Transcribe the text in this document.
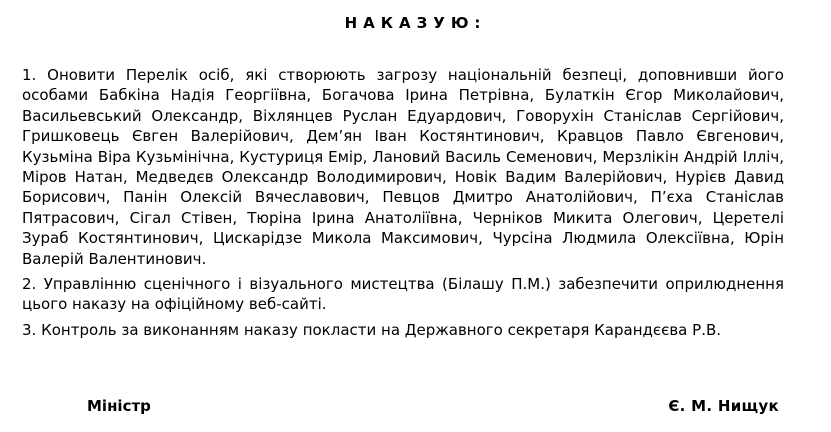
НАКАЗУЮ:

1. Оновити Перелік осіб, які створюють загрозу національній безпеці, доповнивши його особами Бабкіна Надія Георгіївна, Богачова Ірина Петрівна, Булаткін Єгор Миколайович, Васильевський Олександр, Віхлянцев Руслан Едуардович, Говорухін Станіслав Сергійович, Гришковець Євген Валерійович, Дем’ян Іван Костянтинович, Кравцов Павло Євгенович, Кузьміна Віра Кузьмінічна, Кустуриця Емір, Лановий Василь Семенович, Мерзлікін Андрій Ілліч, Міров Натан, Медведєв Олександр Володимирович, Новік Вадим Валерійович, Нурієв Давид Борисович, Панін Олексій Вячеславович, Певцов Дмитро Анатолійович, П’єха Станіслав Пятрасович, Сігал Стівен, Тюріна Ірина Анатоліївна, Черніков Микита Олегович, Церетелі Зураб Костянтинович, Цискарідзе Микола Максимович, Чурсіна Людмила Олексіївна, Юрін Валерій Валентинович.

2. Управлінню сценічного і візуального мистецтва (Білашу П.М.) забезпечити оприлюднення цього наказу на офіційному веб-сайті.

3. Контроль за виконанням наказу покласти на Державного секретаря Карандєєва Р.В.

Міністр	Є. М. Нищук
